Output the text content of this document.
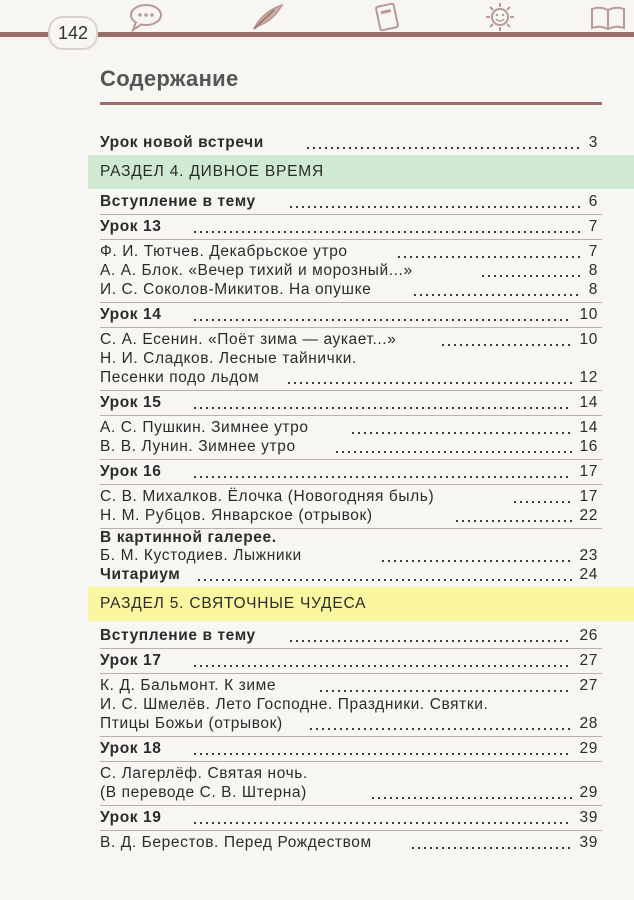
142
Содержание
Урок новой встречи	3
РАЗДЕЛ 4. ДИВНОЕ ВРЕМЯ
Вступление в тему	6
Урок 13	7
Ф. И. Тютчев. Декабрьское утро	7
А. А. Блок. «Вечер тихий и морозный...»	8
И. С. Соколов-Микитов. На опушке	8
Урок 14	10
С. А. Есенин. «Поёт зима — аукает...»	10
Н. И. Сладков. Лесные тайнички.
Песенки подо льдом	12
Урок 15	14
А. С. Пушкин. Зимнее утро	14
В. В. Лунин. Зимнее утро	16
Урок 16	17
С. В. Михалков. Ёлочка (Новогодняя быль)	17
Н. М. Рубцов. Январское (отрывок)	22
В картинной галерее.
Б. М. Кустодиев. Лыжники	23
Читариум	24
РАЗДЕЛ 5. СВЯТОЧНЫЕ ЧУДЕСА
Вступление в тему	26
Урок 17	27
К. Д. Бальмонт. К зиме	27
И. С. Шмелёв. Лето Господне. Праздники. Святки.
Птицы Божьи (отрывок)	28
Урок 18	29
С. Лагерлёф. Святая ночь.
(В переводе С. В. Штерна)	29
Урок 19	39
В. Д. Берестов. Перед Рождеством	39
